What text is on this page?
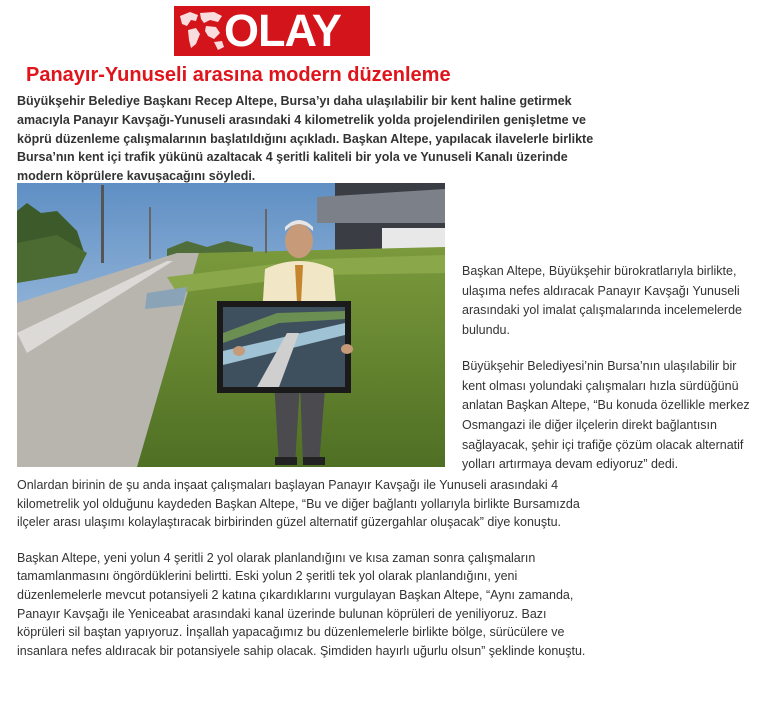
OLAY
Panayır-Yunuseli arasına modern düzenleme

Büyükşehir Belediye Başkanı Recep Altepe, Bursa’yı daha ulaşılabilir bir kent haline getirmek amacıyla Panayır Kavşağı-Yunuseli arasındaki 4 kilometrelik yolda projelendirilen genişletme ve köprü düzenleme çalışmalarının başlatıldığını açıkladı. Başkan Altepe, yapılacak ilavelerle birlikte Bursa’nın kent içi trafik yükünü azaltacak 4 şeritli kaliteli bir yola ve Yunuseli Kanalı üzerinde modern köprülere kavuşacağını söyledi.

Başkan Altepe, Büyükşehir bürokratlarıyla birlikte, ulaşıma nefes aldıracak Panayır Kavşağı Yunuseli arasındaki yol imalat çalışmalarında incelemelerde bulundu.

Büyükşehir Belediyesi’nin Bursa’nın ulaşılabilir bir kent olması yolundaki çalışmaları hızla sürdüğünü anlatan Başkan Altepe, “Bu konuda özellikle merkez Osmangazi ile diğer ilçelerin direkt bağlantısın sağlayacak, şehir içi trafiğe çözüm olacak alternatif yolları artırmaya devam ediyoruz” dedi.

Onlardan birinin de şu anda inşaat çalışmaları başlayan Panayır Kavşağı ile Yunuseli arasındaki 4 kilometrelik yol olduğunu kaydeden Başkan Altepe, “Bu ve diğer bağlantı yollarıyla birlikte Bursamızda ilçeler arası ulaşımı kolaylaştıracak birbirinden güzel alternatif güzergahlar oluşacak” diye konuştu.

Başkan Altepe, yeni yolun 4 şeritli 2 yol olarak planlandığını ve kısa zaman sonra çalışmaların tamamlanmasını öngördüklerini belirtti. Eski yolun 2 şeritli tek yol olarak planlandığını, yeni düzenlemelerle mevcut potansiyeli 2 katına çıkardıklarını vurgulayan Başkan Altepe, “Aynı zamanda, Panayır Kavşağı ile Yeniceabat arasındaki kanal üzerinde bulunan köprüleri de yeniliyoruz. Bazı köprüleri sil baştan yapıyoruz. İnşallah yapacağımız bu düzenlemelerle birlikte bölge, sürücülere ve insanlara nefes aldıracak bir potansiyele sahip olacak. Şimdiden hayırlı uğurlu olsun” şeklinde konuştu.
